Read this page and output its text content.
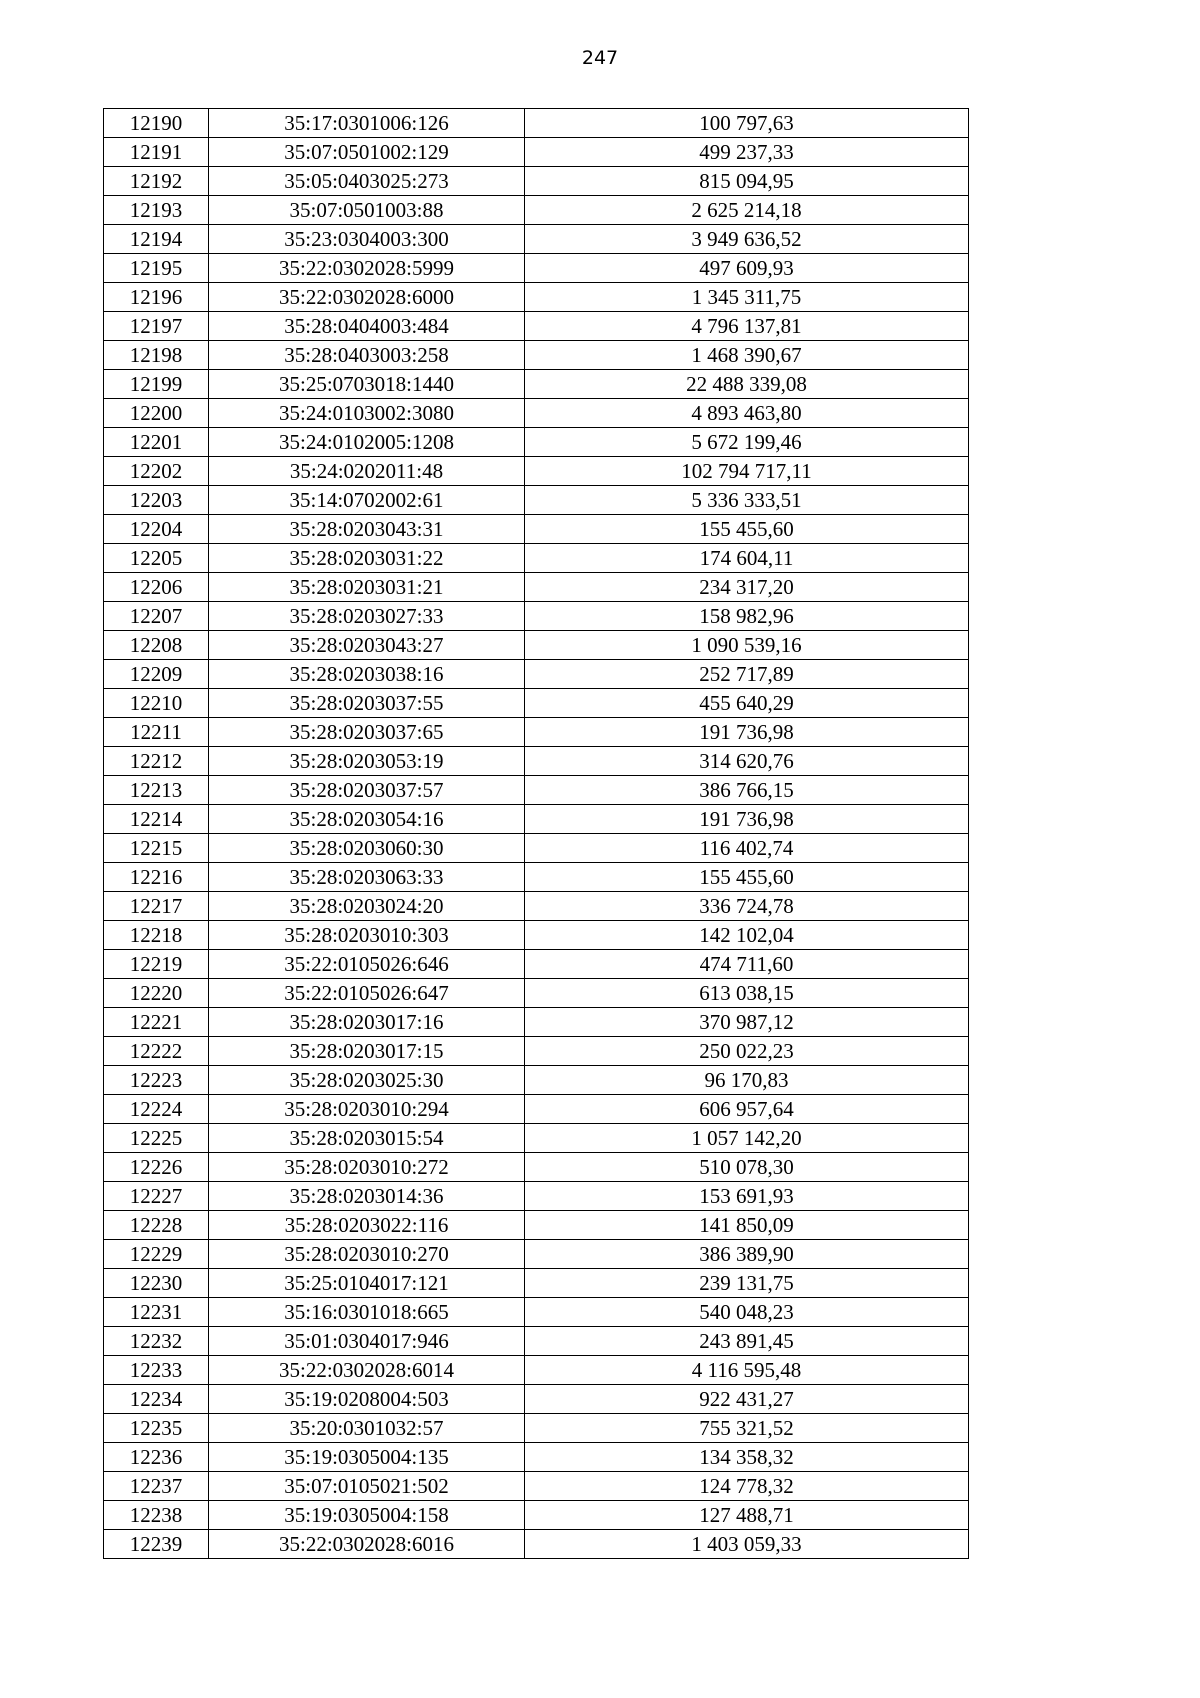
247
12190	35:17:0301006:126	100 797,63
12191	35:07:0501002:129	499 237,33
12192	35:05:0403025:273	815 094,95
12193	35:07:0501003:88	2 625 214,18
12194	35:23:0304003:300	3 949 636,52
12195	35:22:0302028:5999	497 609,93
12196	35:22:0302028:6000	1 345 311,75
12197	35:28:0404003:484	4 796 137,81
12198	35:28:0403003:258	1 468 390,67
12199	35:25:0703018:1440	22 488 339,08
12200	35:24:0103002:3080	4 893 463,80
12201	35:24:0102005:1208	5 672 199,46
12202	35:24:0202011:48	102 794 717,11
12203	35:14:0702002:61	5 336 333,51
12204	35:28:0203043:31	155 455,60
12205	35:28:0203031:22	174 604,11
12206	35:28:0203031:21	234 317,20
12207	35:28:0203027:33	158 982,96
12208	35:28:0203043:27	1 090 539,16
12209	35:28:0203038:16	252 717,89
12210	35:28:0203037:55	455 640,29
12211	35:28:0203037:65	191 736,98
12212	35:28:0203053:19	314 620,76
12213	35:28:0203037:57	386 766,15
12214	35:28:0203054:16	191 736,98
12215	35:28:0203060:30	116 402,74
12216	35:28:0203063:33	155 455,60
12217	35:28:0203024:20	336 724,78
12218	35:28:0203010:303	142 102,04
12219	35:22:0105026:646	474 711,60
12220	35:22:0105026:647	613 038,15
12221	35:28:0203017:16	370 987,12
12222	35:28:0203017:15	250 022,23
12223	35:28:0203025:30	96 170,83
12224	35:28:0203010:294	606 957,64
12225	35:28:0203015:54	1 057 142,20
12226	35:28:0203010:272	510 078,30
12227	35:28:0203014:36	153 691,93
12228	35:28:0203022:116	141 850,09
12229	35:28:0203010:270	386 389,90
12230	35:25:0104017:121	239 131,75
12231	35:16:0301018:665	540 048,23
12232	35:01:0304017:946	243 891,45
12233	35:22:0302028:6014	4 116 595,48
12234	35:19:0208004:503	922 431,27
12235	35:20:0301032:57	755 321,52
12236	35:19:0305004:135	134 358,32
12237	35:07:0105021:502	124 778,32
12238	35:19:0305004:158	127 488,71
12239	35:22:0302028:6016	1 403 059,33
